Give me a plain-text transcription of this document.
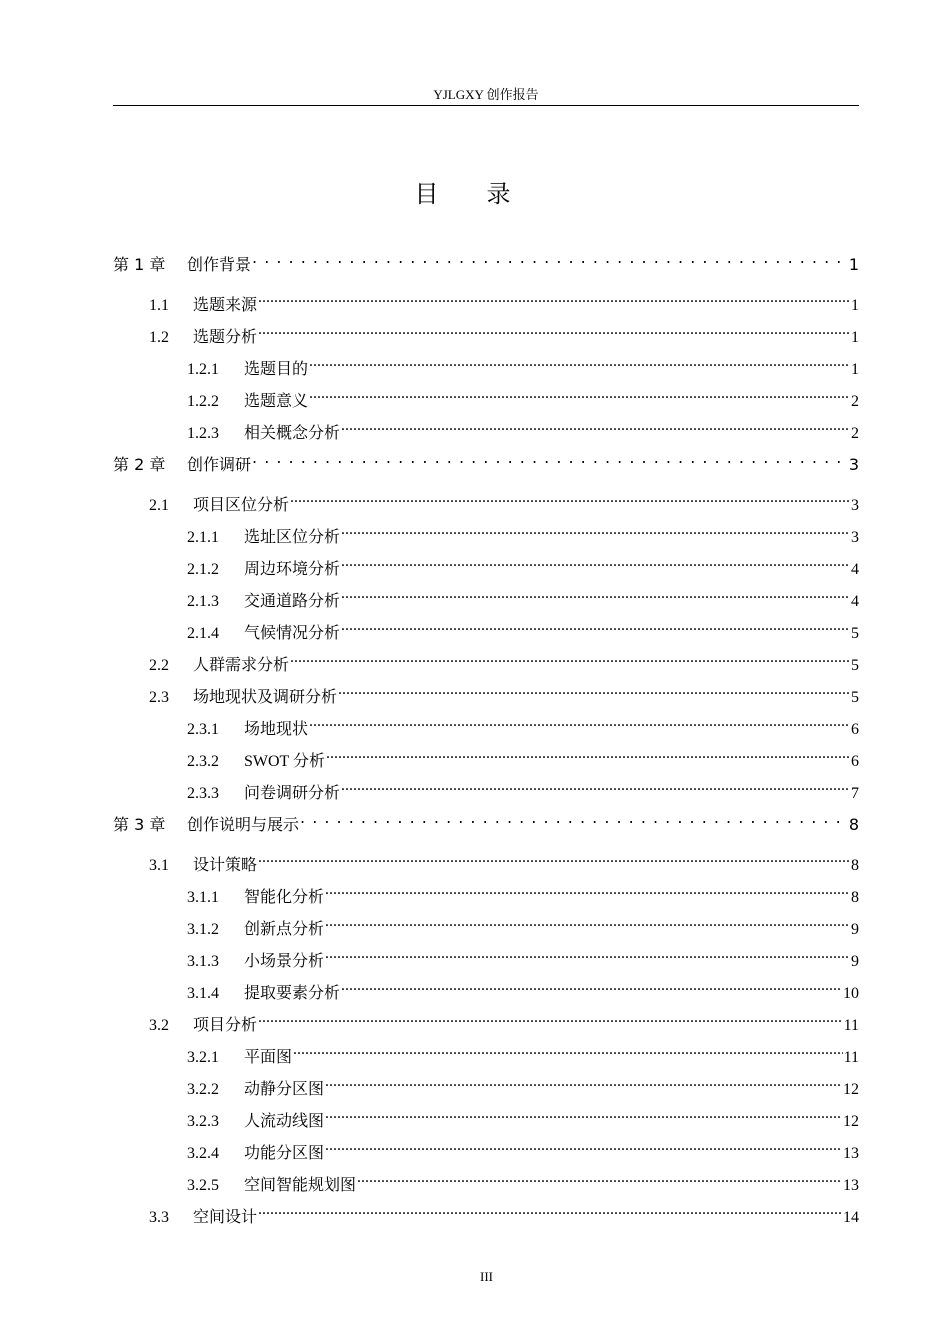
YJLGXY 创作报告
目录
第 1 章	创作背景 . . .	1
1.1	选题来源 .....	1
1.2	选题分析 .....	1
1.2.1	选题目的 .....	1
1.2.2	选题意义 .....	2
1.2.3	相关概念分析 .....	2
第 2 章	创作调研 . . .	3
2.1	项目区位分析 .....	3
2.1.1	选址区位分析 .....	3
2.1.2	周边环境分析 .....	4
2.1.3	交通道路分析 .....	4
2.1.4	气候情况分析 .....	5
2.2	人群需求分析 .....	5
2.3	场地现状及调研分析 .....	5
2.3.1	场地现状 .....	6
2.3.2	SWOT 分析 .....	6
2.3.3	问卷调研分析 .....	7
第 3 章	创作说明与展示 . . .	8
3.1	设计策略 .....	8
3.1.1	智能化分析 .....	8
3.1.2	创新点分析 .....	9
3.1.3	小场景分析 .....	9
3.1.4	提取要素分析 .....	10
3.2	项目分析 .....	11
3.2.1	平面图 .....	11
3.2.2	动静分区图 .....	12
3.2.3	人流动线图 .....	12
3.2.4	功能分区图 .....	13
3.2.5	空间智能规划图 .....	13
3.3	空间设计 .....	14
III
